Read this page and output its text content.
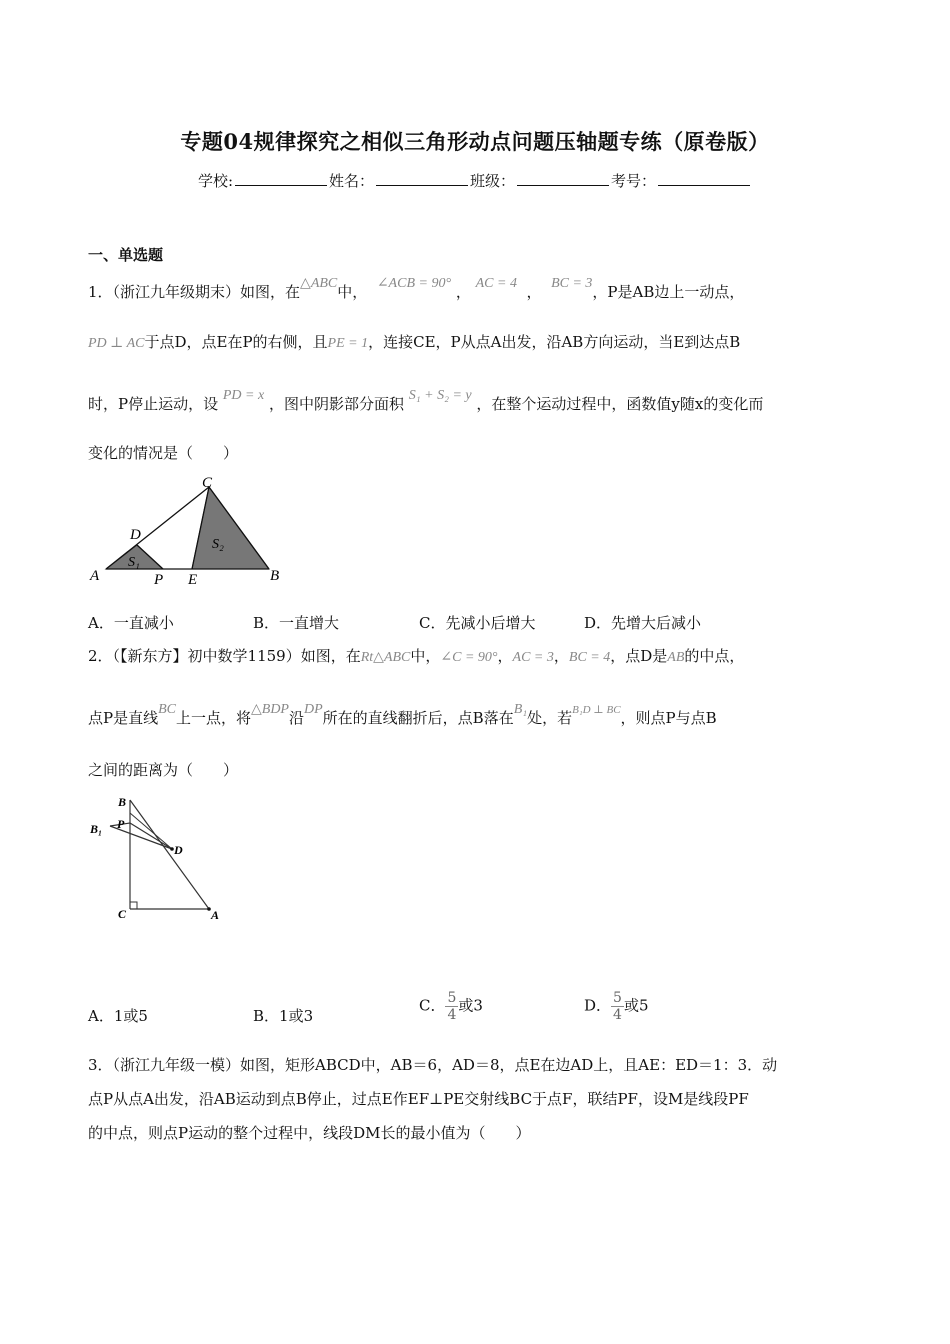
专题04规律探究之相似三角形动点问题压轴题专练（原卷版）
学校:	姓名：	班级：	考号：
一、单选题
1．（浙江九年级期末）如图，在△ABC中， ∠ACB = 90° ， AC = 4 ， BC = 3，P是AB边上一动点，
PD ⊥ AC于点D，点E在P的右侧，且PE = 1，连接CE，P从点A出发，沿AB方向运动，当E到达点B
时，P停止运动，设 PD = x ，图中阴影部分面积 S₁ + S₂ = y ，在整个运动过程中，函数值y随x的变化而
变化的情况是（　　）
A	B
C
D
P E
S₁
S₂
A．一直减小	B．一直增大	C．先减小后增大	D．先增大后减小
2．（【新东方】初中数学1159）如图，在Rt△ABC中，∠C = 90°，AC = 3，BC = 4，点D是AB的中点，
点P是直线BC上一点，将△BDP沿DP所在的直线翻折后，点B落在B₁处，若$^{B_1D \perp BC}$，则点P与点B
之间的距离为（　　）
B
P
B₁
D
C	A
A．1或5	B．1或3
C． $\frac{5}{4}$ 或3	D． $\frac{5}{4}$ 或5
3．（浙江九年级一模）如图，矩形ABCD中，AB＝6，AD＝8，点E在边AD上，且AE：ED＝1：3．动
点P从点A出发，沿AB运动到点B停止，过点E作EF⊥PE交射线BC于点F，联结PF，设M是线段PF
的中点，则点P运动的整个过程中，线段DM长的最小值为（　　）
